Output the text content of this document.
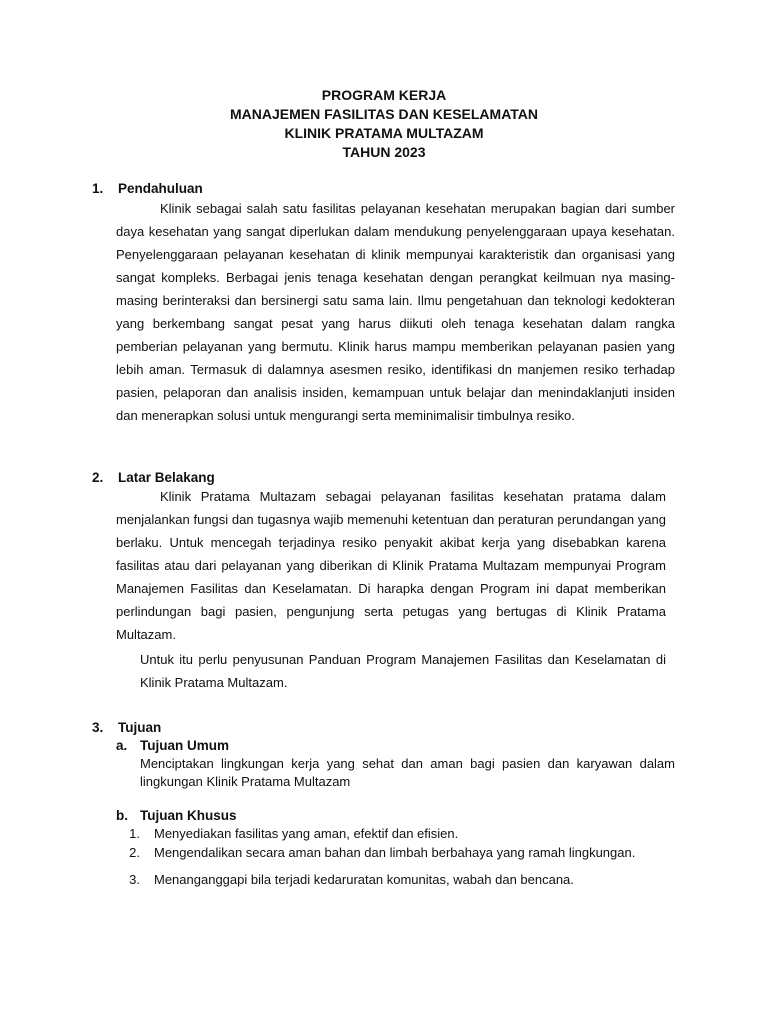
PROGRAM KERJA
MANAJEMEN FASILITAS DAN KESELAMATAN
KLINIK PRATAMA MULTAZAM
TAHUN 2023
1. Pendahuluan
Klinik sebagai salah satu fasilitas pelayanan kesehatan merupakan bagian dari sumber daya kesehatan yang sangat diperlukan dalam mendukung penyelenggaraan upaya kesehatan. Penyelenggaraan pelayanan kesehatan di klinik mempunyai karakteristik dan organisasi yang sangat kompleks. Berbagai jenis tenaga kesehatan dengan perangkat keilmuan nya masing-masing berinteraksi dan bersinergi satu sama lain. Ilmu pengetahuan dan teknologi kedokteran yang berkembang sangat pesat yang harus diikuti oleh tenaga kesehatan dalam rangka pemberian pelayanan yang bermutu. Klinik harus mampu memberikan pelayanan pasien yang lebih aman. Termasuk di dalamnya asesmen resiko, identifikasi dn manjemen resiko terhadap pasien, pelaporan dan analisis insiden, kemampuan untuk belajar dan menindaklanjuti insiden dan menerapkan solusi untuk mengurangi serta meminimalisir timbulnya resiko.
2. Latar Belakang
Klinik Pratama Multazam sebagai pelayanan fasilitas kesehatan pratama dalam menjalankan fungsi dan tugasnya wajib memenuhi ketentuan dan peraturan perundangan yang berlaku. Untuk mencegah terjadinya resiko penyakit akibat kerja yang disebabkan karena fasilitas atau dari pelayanan yang diberikan di Klinik Pratama Multazam mempunyai Program Manajemen Fasilitas dan Keselamatan. Di harapka dengan Program ini dapat memberikan perlindungan bagi pasien, pengunjung serta petugas yang bertugas di Klinik Pratama Multazam.
Untuk itu perlu penyusunan Panduan Program Manajemen Fasilitas dan Keselamatan di Klinik Pratama Multazam.
3. Tujuan
a. Tujuan Umum
Menciptakan lingkungan kerja yang sehat dan aman bagi pasien dan karyawan dalam lingkungan Klinik Pratama Multazam
b. Tujuan Khusus
1. Menyediakan fasilitas yang aman, efektif dan efisien.
2. Mengendalikan secara aman bahan dan limbah berbahaya yang ramah lingkungan.
3. Menanganggapi bila terjadi kedaruratan komunitas, wabah dan bencana.
